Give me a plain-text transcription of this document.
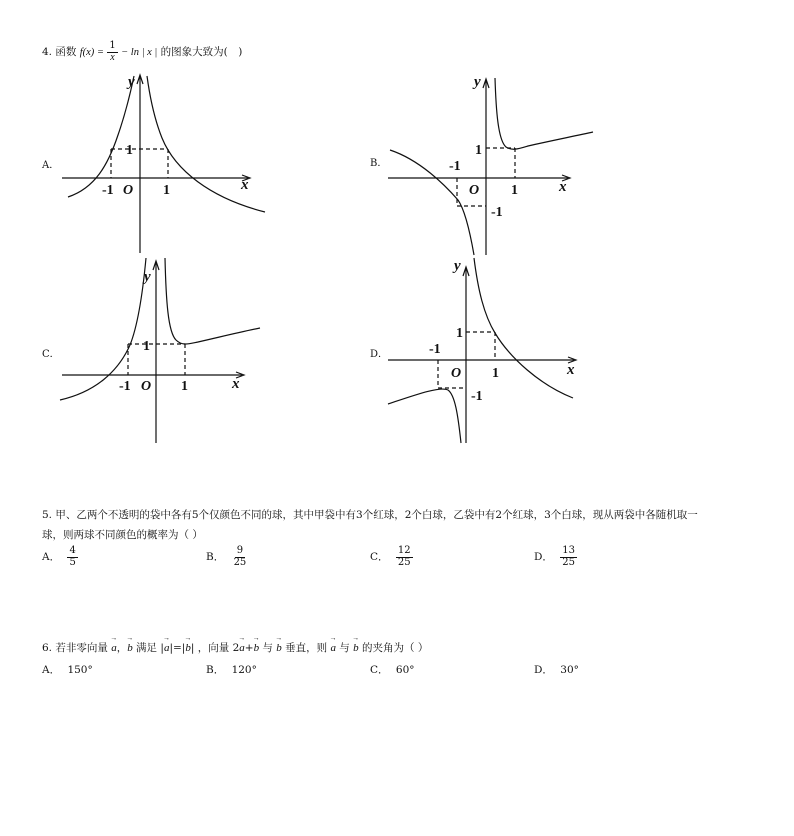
4. 函数 $f(x) = \frac{1}{x} - \ln$ | x | 的图象大致为(　)
A．
y
x
O
1
-1	1
B．
y
x
O
1
-1
1
-1
C．
y
x
O
1
-1	1
D．
y
x
O
1
-1
1
-1
5. 甲、乙两个不透明的袋中各有5个仅颜色不同的球，其中甲袋中有3个红球，2个白球，乙袋中有2个红球，3个白球，现从两袋中各随机取一
球，则两球不同颜色的概率为（ ）
A． $\frac{4}{5}$	B． $\frac{9}{25}$	C． $\frac{12}{25}$	D． $\frac{13}{25}$
6. 若非零向量 → a，→ b 满足 |→ a|=|→ b| ，向量 2→ a+→ b 与 → b 垂直，则 → a 与 → b 的夹角为（ ）
A． 150°	B． 120°	C． 60°	D． 30°
